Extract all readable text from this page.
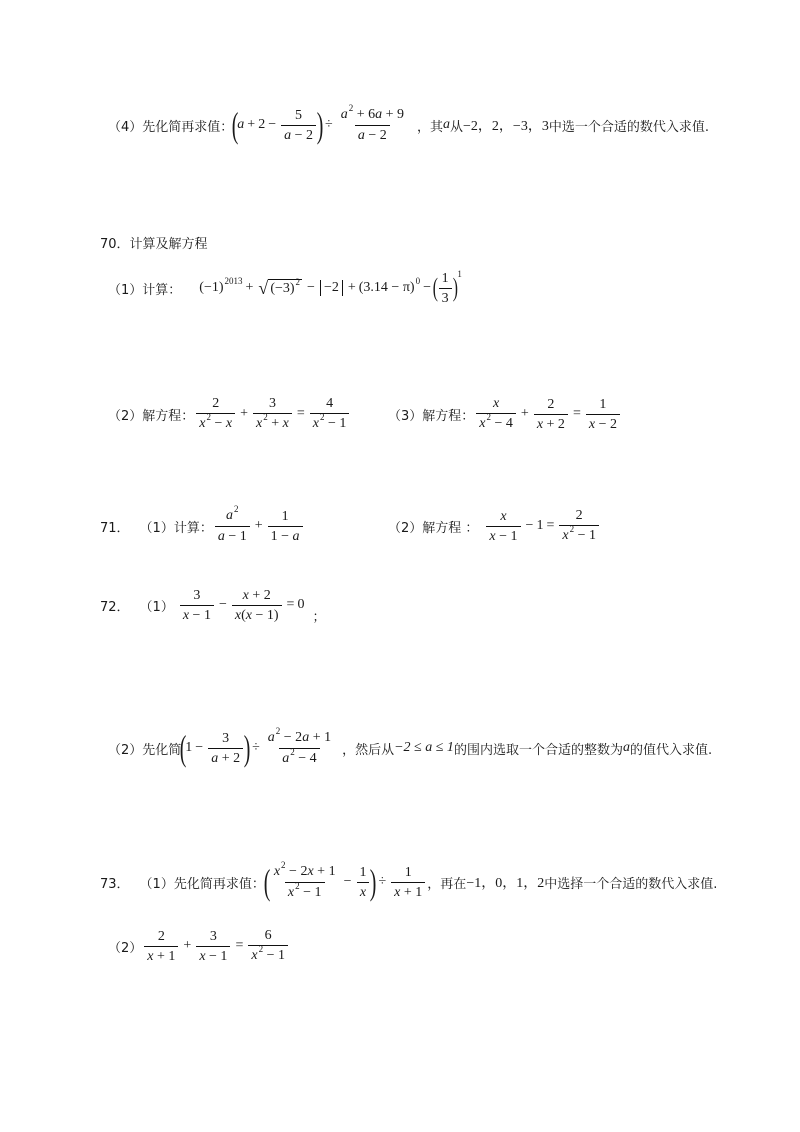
（4）先化简再求值：
(
$a + 2 - \frac{5}{a - 2}$ ) ÷ $\frac{a^2 + 6a + 9}{a - 2}$ ，其 a 从 −2，2，−3，3 中选一个合适的数代入求值.
70． 计算及解方程
（1）计算： (−1) 2013 + √ $(-3)^2 - -2 + (3.14 - \pi) 0$ − ( $\frac{1}{3}$ ) 1
（2）解方程： $\frac{2}{x^2 - x} + \frac{3}{x^2 + x} = \frac{4}{x^2 - 1}$	（3）解方程： $\frac{x}{x^2 - 4} + \frac{2}{x + 2} = \frac{1}{x - 2}$
71． （1）计算： $\frac{a^2}{a - 1} + \frac{1}{1 - a}$	（2）解方程 ： $\frac{x}{x - 1} - 1 = \frac{2}{x^2 - 1}$
72． $(1) \frac{3}{x - 1} - \frac{x + 2}{x(x - 1)} = 0$
；
（2）先化简
(
$1 - \frac{3}{a + 2}$ ) ÷ $\frac{a^2 - 2a + 1}{a^2 - 4}$ ，然后从 −2 ≤ a ≤ 1 的围内选取一个合适的整数为 a 的值代入求值.
73． （1）先化简再求值：
( $\frac{x^2 - 2x + 1}{x^2 - 1} - \frac{1}{x}$ ) ÷ $\frac{1}{x + 1}$ ，再在 −1，0，1，2 中选择一个合适的数代入求值.
$(2) \frac{2}{x + 1} + \frac{3}{x - 1} = \frac{6}{x^2 - 1}$
